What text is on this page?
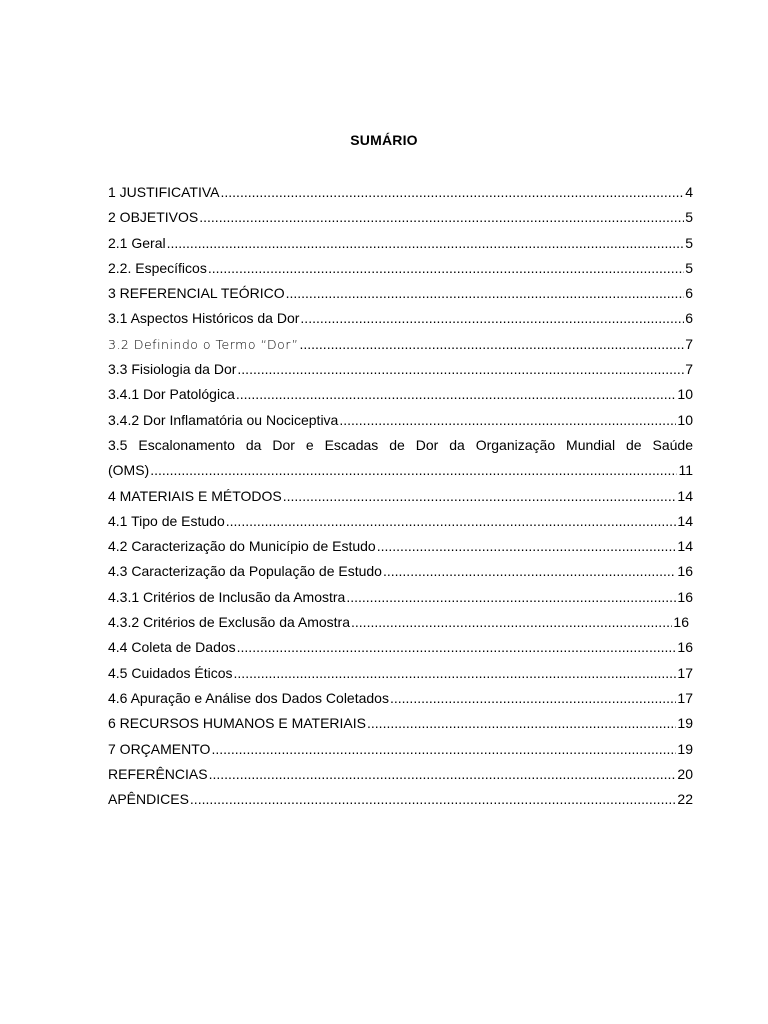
SUMÁRIO
1 JUSTIFICATIVA .....	4
2 OBJETIVOS .....	5
2.1 Geral .....	5
2.2. Específicos .....	5
3 REFERENCIAL TEÓRICO .....	6
3.1 Aspectos Históricos da Dor .....	6
3.2 Definindo o Termo “Dor” .....	7
3.3 Fisiologia da Dor .....	7
3.4.1 Dor Patológica .....	10
3.4.2 Dor Inflamatória ou Nociceptiva .....	10
3.5 Escalonamento da Dor e Escadas de Dor da Organização Mundial de Saúde
(OMS) .....	11
4 MATERIAIS E MÉTODOS .....	14
4.1 Tipo de Estudo .....	14
4.2 Caracterização do Município de Estudo .....	14
4.3 Caracterização da População de Estudo .....	16
4.3.1 Critérios de Inclusão da Amostra .....	16
4.3.2 Critérios de Exclusão da Amostra .....	16
4.4 Coleta de Dados .....	16
4.5 Cuidados Éticos .....	17
4.6 Apuração e Análise dos Dados Coletados .....	17
6 RECURSOS HUMANOS E MATERIAIS .....	19
7 ORÇAMENTO .....	19
REFERÊNCIAS .....	20
APÊNDICES .....	22
